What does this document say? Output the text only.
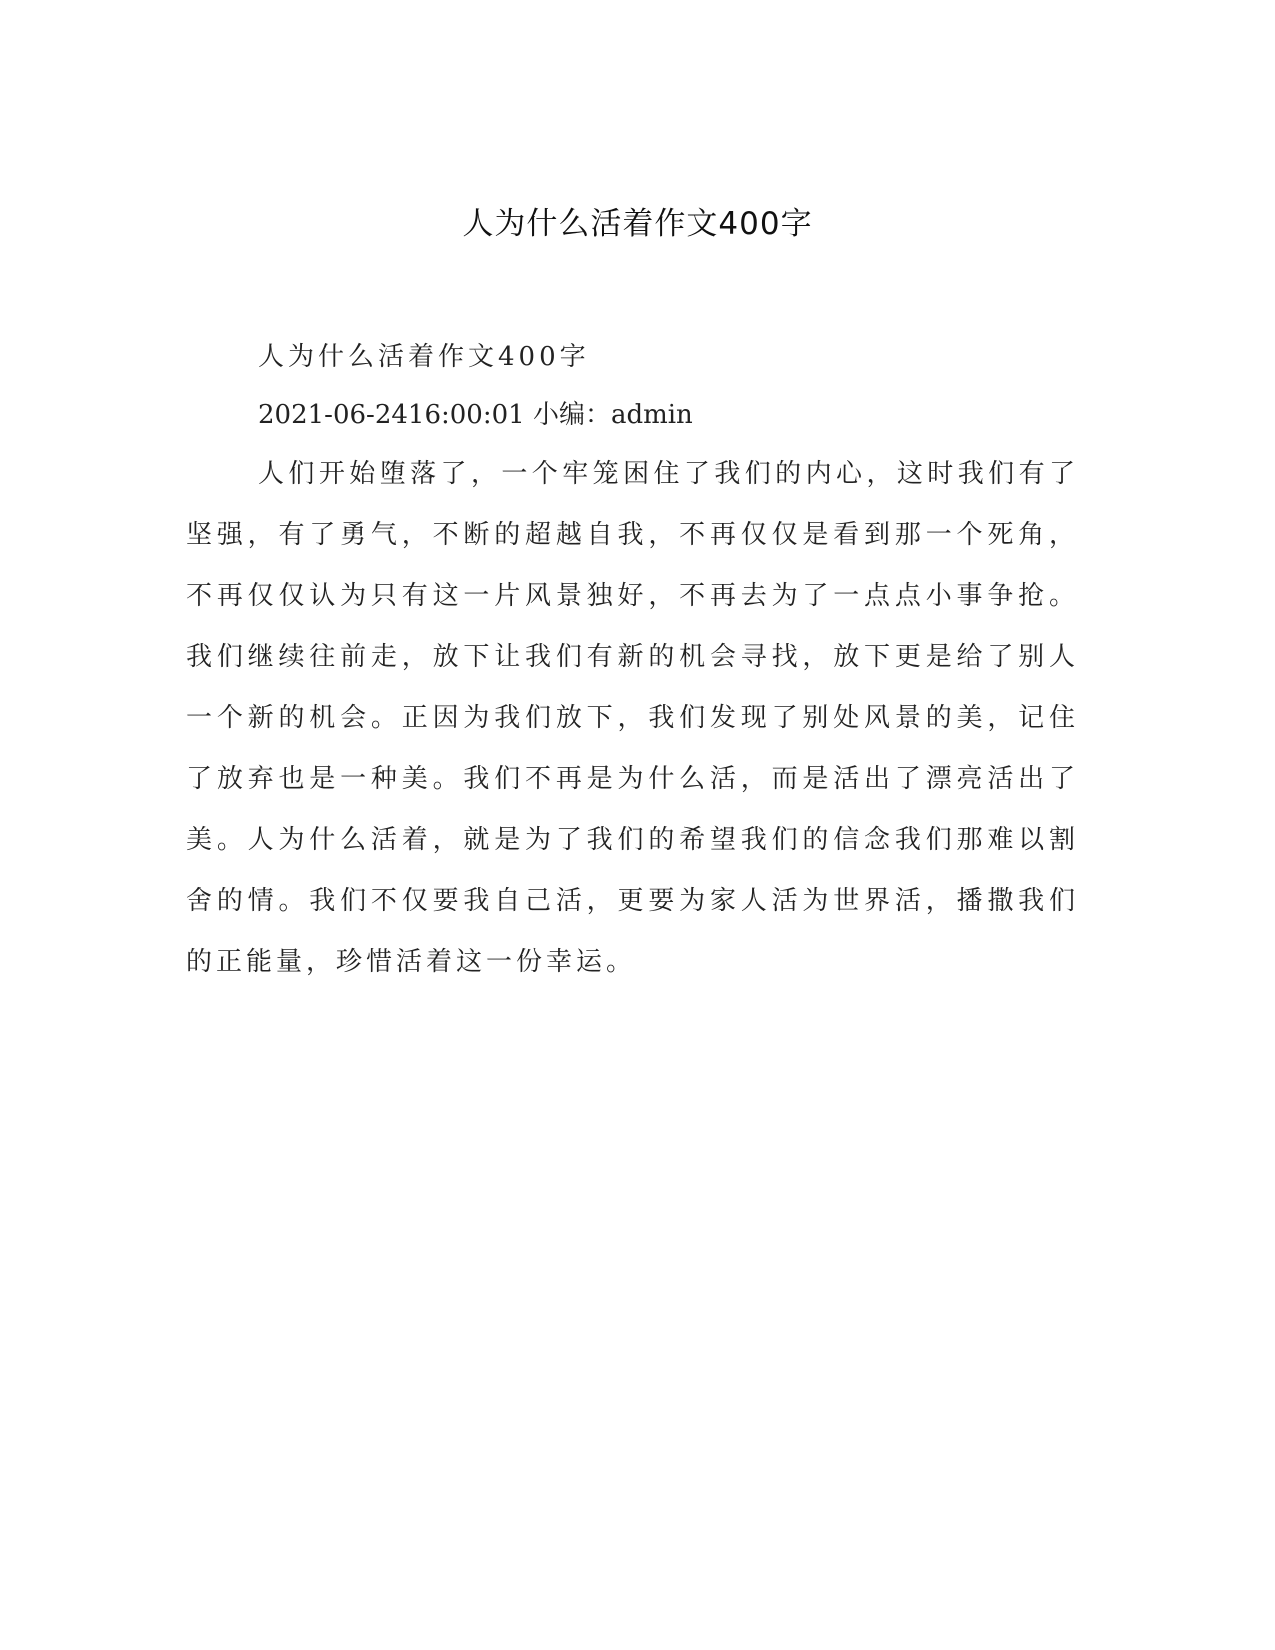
人为什么活着作文400字

人为什么活着作文400字

2021-06-2416:00:01 小编：admin

人们开始堕落了，一个牢笼困住了我们的内心，这时我们有了坚强，有了勇气，不断的超越自我，不再仅仅是看到那一个死角，不再仅仅认为只有这一片风景独好，不再去为了一点点小事争抢。我们继续往前走，放下让我们有新的机会寻找，放下更是给了别人一个新的机会。正因为我们放下，我们发现了别处风景的美，记住了放弃也是一种美。我们不再是为什么活，而是活出了漂亮活出了美。人为什么活着，就是为了我们的希望我们的信念我们那难以割舍的情。我们不仅要我自己活，更要为家人活为世界活，播撒我们的正能量，珍惜活着这一份幸运。
